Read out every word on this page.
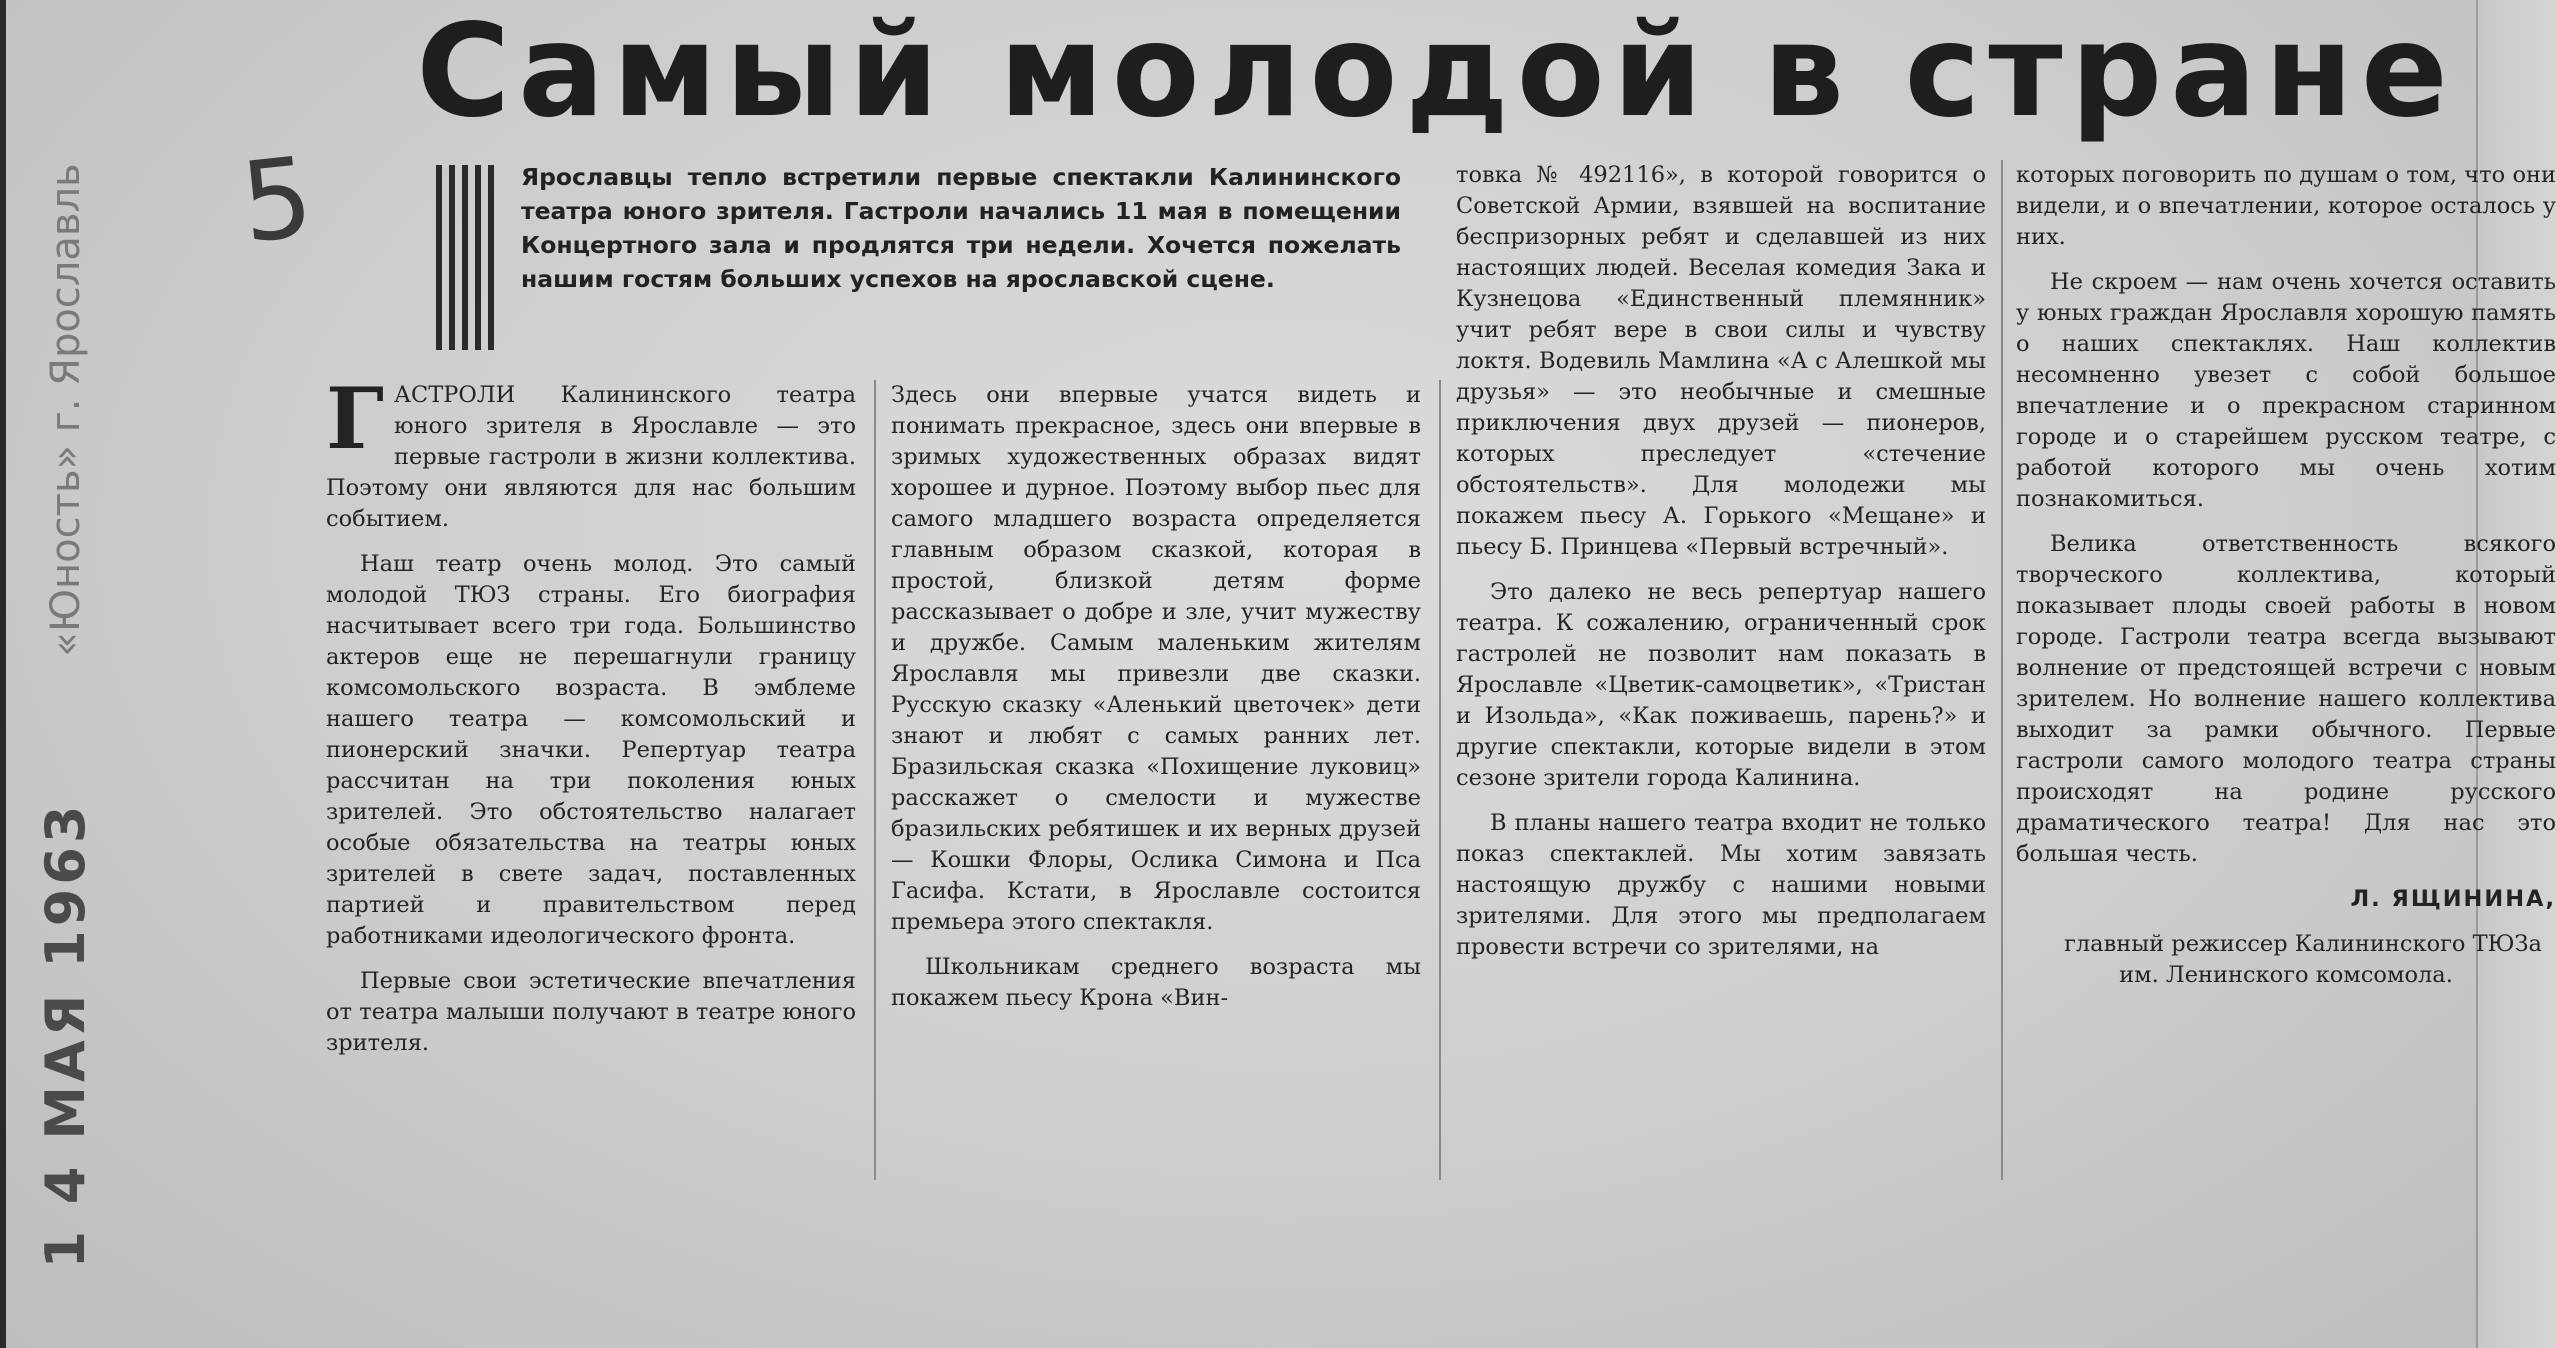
Самый молодой в стране
5
«Юность» г. Ярославль
1 4 МАЯ 1963

Ярославцы тепло встретили первые спектакли Калининского театра юного зрителя. Гастроли начались 11 мая в помещении Концертного зала и продлятся три недели. Хочется пожелать нашим гостям больших успехов на ярославской сцене.

ГАСТРОЛИ Калининского театра юного зрителя в Ярославле — это первые гастроли в жизни коллектива. Поэтому они являются для нас большим событием.

Наш театр очень молод. Это самый молодой ТЮЗ страны. Его биография насчитывает всего три года. Большинство актеров еще не перешагнули границу комсомольского возраста. В эмблеме нашего театра — комсомольский и пионерский значки. Репертуар театра рассчитан на три поколения юных зрителей. Это обстоятельство налагает особые обязательства на театры юных зрителей в свете задач, поставленных партией и правительством перед работниками идеологического фронта.

Первые свои эстетические впечатления от театра малыши получают в театре юного зрителя.

Здесь они впервые учатся видеть и понимать прекрасное, здесь они впервые в зримых художественных образах видят хорошее и дурное. Поэтому выбор пьес для самого младшего возраста определяется главным образом сказкой, которая в простой, близкой детям форме рассказывает о добре и зле, учит мужеству и дружбе. Самым маленьким жителям Ярославля мы привезли две сказки. Русскую сказку «Аленький цветочек» дети знают и любят с самых ранних лет. Бразильская сказка «Похищение луковиц» расскажет о смелости и мужестве бразильских ребятишек и их верных друзей — Кошки Флоры, Ослика Симона и Пса Гасифа. Кстати, в Ярославле состоится премьера этого спектакля.

Школьникам среднего возраста мы покажем пьесу Крона «Вин-

товка № 492116», в которой говорится о Советской Армии, взявшей на воспитание беспризорных ребят и сделавшей из них настоящих людей. Веселая комедия Зака и Кузнецова «Единственный племянник» учит ребят вере в свои силы и чувству локтя. Водевиль Мамлина «А с Алешкой мы друзья» — это необычные и смешные приключения двух друзей — пионеров, которых преследует «стечение обстоятельств». Для молодежи мы покажем пьесу А. Горького «Мещане» и пьесу Б. Принцева «Первый встречный».

Это далеко не весь репертуар нашего театра. К сожалению, ограниченный срок гастролей не позволит нам показать в Ярославле «Цветик-самоцветик», «Тристан и Изольда», «Как поживаешь, парень?» и другие спектакли, которые видели в этом сезоне зрители города Калинина.

В планы нашего театра входит не только показ спектаклей. Мы хотим завязать настоящую дружбу с нашими новыми зрителями. Для этого мы предполагаем провести встречи со зрителями, на

которых поговорить по душам о том, что они видели, и о впечатлении, которое осталось у них.

Не скроем — нам очень хочется оставить у юных граждан Ярославля хорошую память о наших спектаклях. Наш коллектив несомненно увезет с собой большое впечатление и о прекрасном старинном городе и о старейшем русском театре, с работой которого мы очень хотим познакомиться.

Велика ответственность всякого творческого коллектива, который показывает плоды своей работы в новом городе. Гастроли театра всегда вызывают волнение от предстоящей встречи с новым зрителем. Но волнение нашего коллектива выходит за рамки обычного. Первые гастроли самого молодого театра страны происходят на родине русского драматического театра! Для нас это большая честь.

Л. ЯЩИНИНА,

главный режиссер Калининского ТЮЗа им. Ленинского комсомола.
